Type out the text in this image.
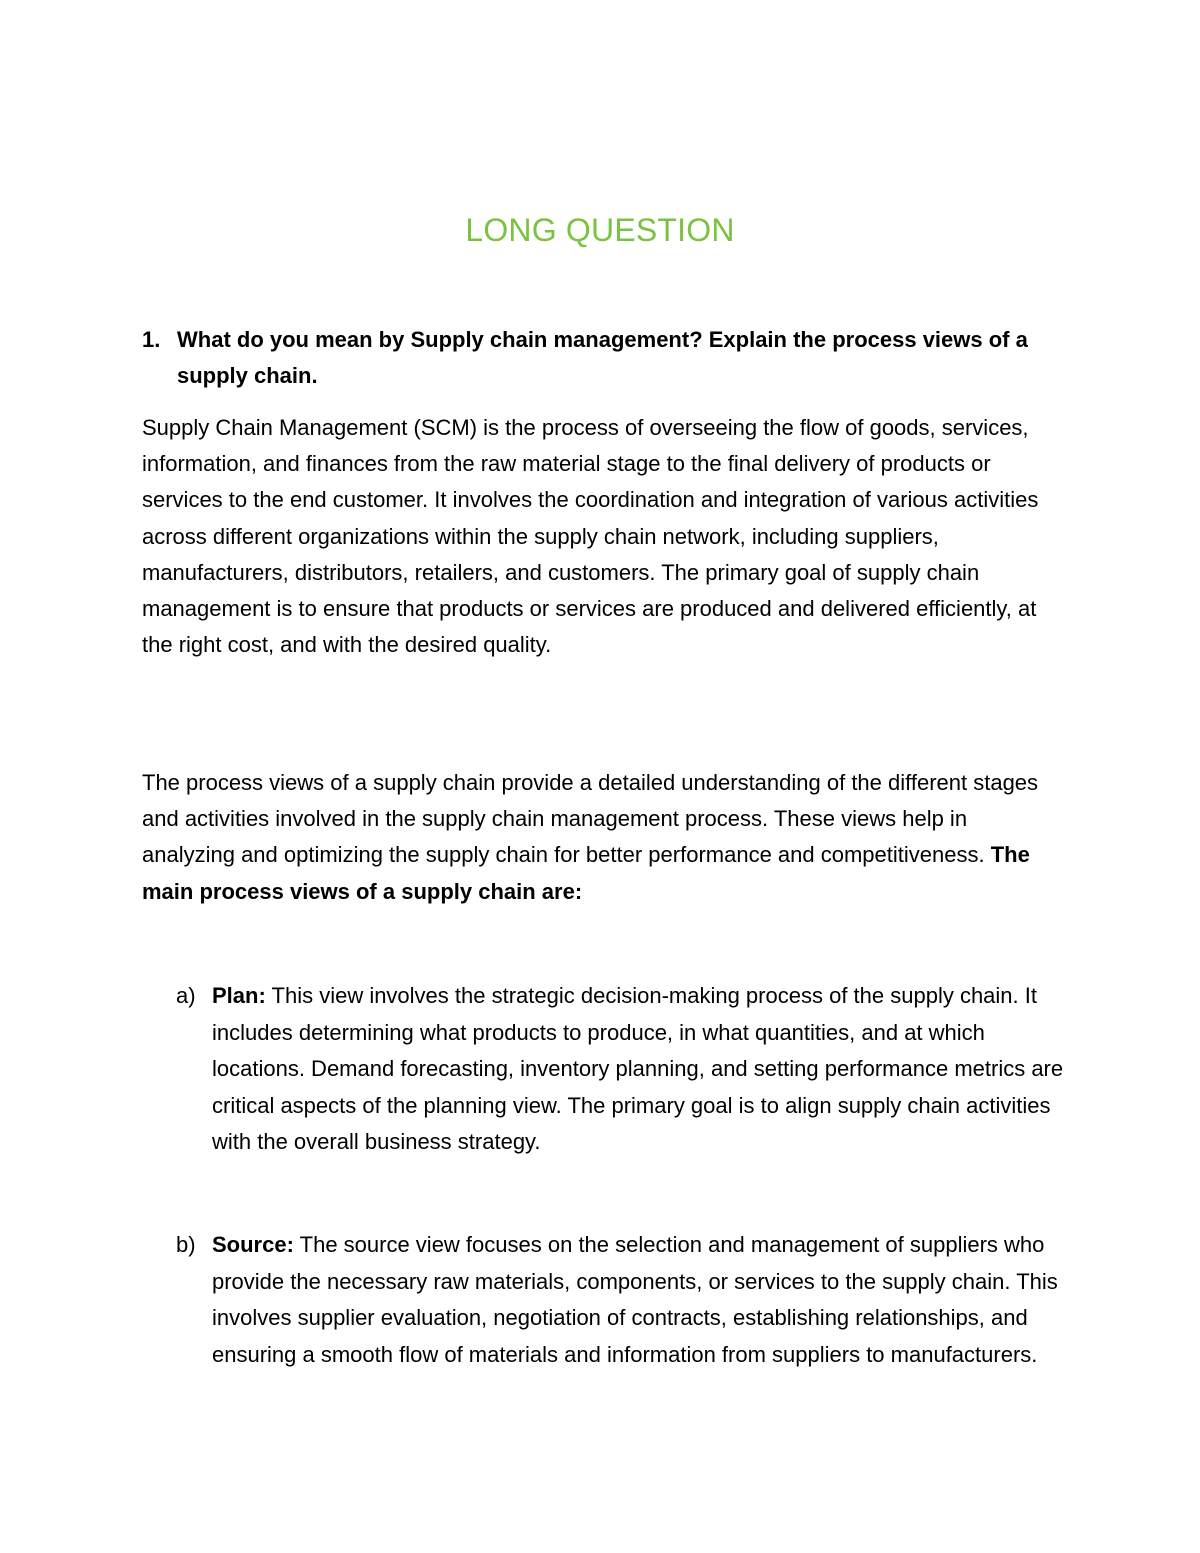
LONG QUESTION
1. What do you mean by Supply chain management? Explain the process views of a supply chain.

Supply Chain Management (SCM) is the process of overseeing the flow of goods, services, information, and finances from the raw material stage to the final delivery of products or services to the end customer. It involves the coordination and integration of various activities across different organizations within the supply chain network, including suppliers, manufacturers, distributors, retailers, and customers. The primary goal of supply chain management is to ensure that products or services are produced and delivered efficiently, at the right cost, and with the desired quality.

The process views of a supply chain provide a detailed understanding of the different stages and activities involved in the supply chain management process. These views help in analyzing and optimizing the supply chain for better performance and competitiveness. The main process views of a supply chain are:

a) Plan: This view involves the strategic decision-making process of the supply chain. It includes determining what products to produce, in what quantities, and at which locations. Demand forecasting, inventory planning, and setting performance metrics are critical aspects of the planning view. The primary goal is to align supply chain activities with the overall business strategy.
b) Source: The source view focuses on the selection and management of suppliers who provide the necessary raw materials, components, or services to the supply chain. This involves supplier evaluation, negotiation of contracts, establishing relationships, and ensuring a smooth flow of materials and information from suppliers to manufacturers.
